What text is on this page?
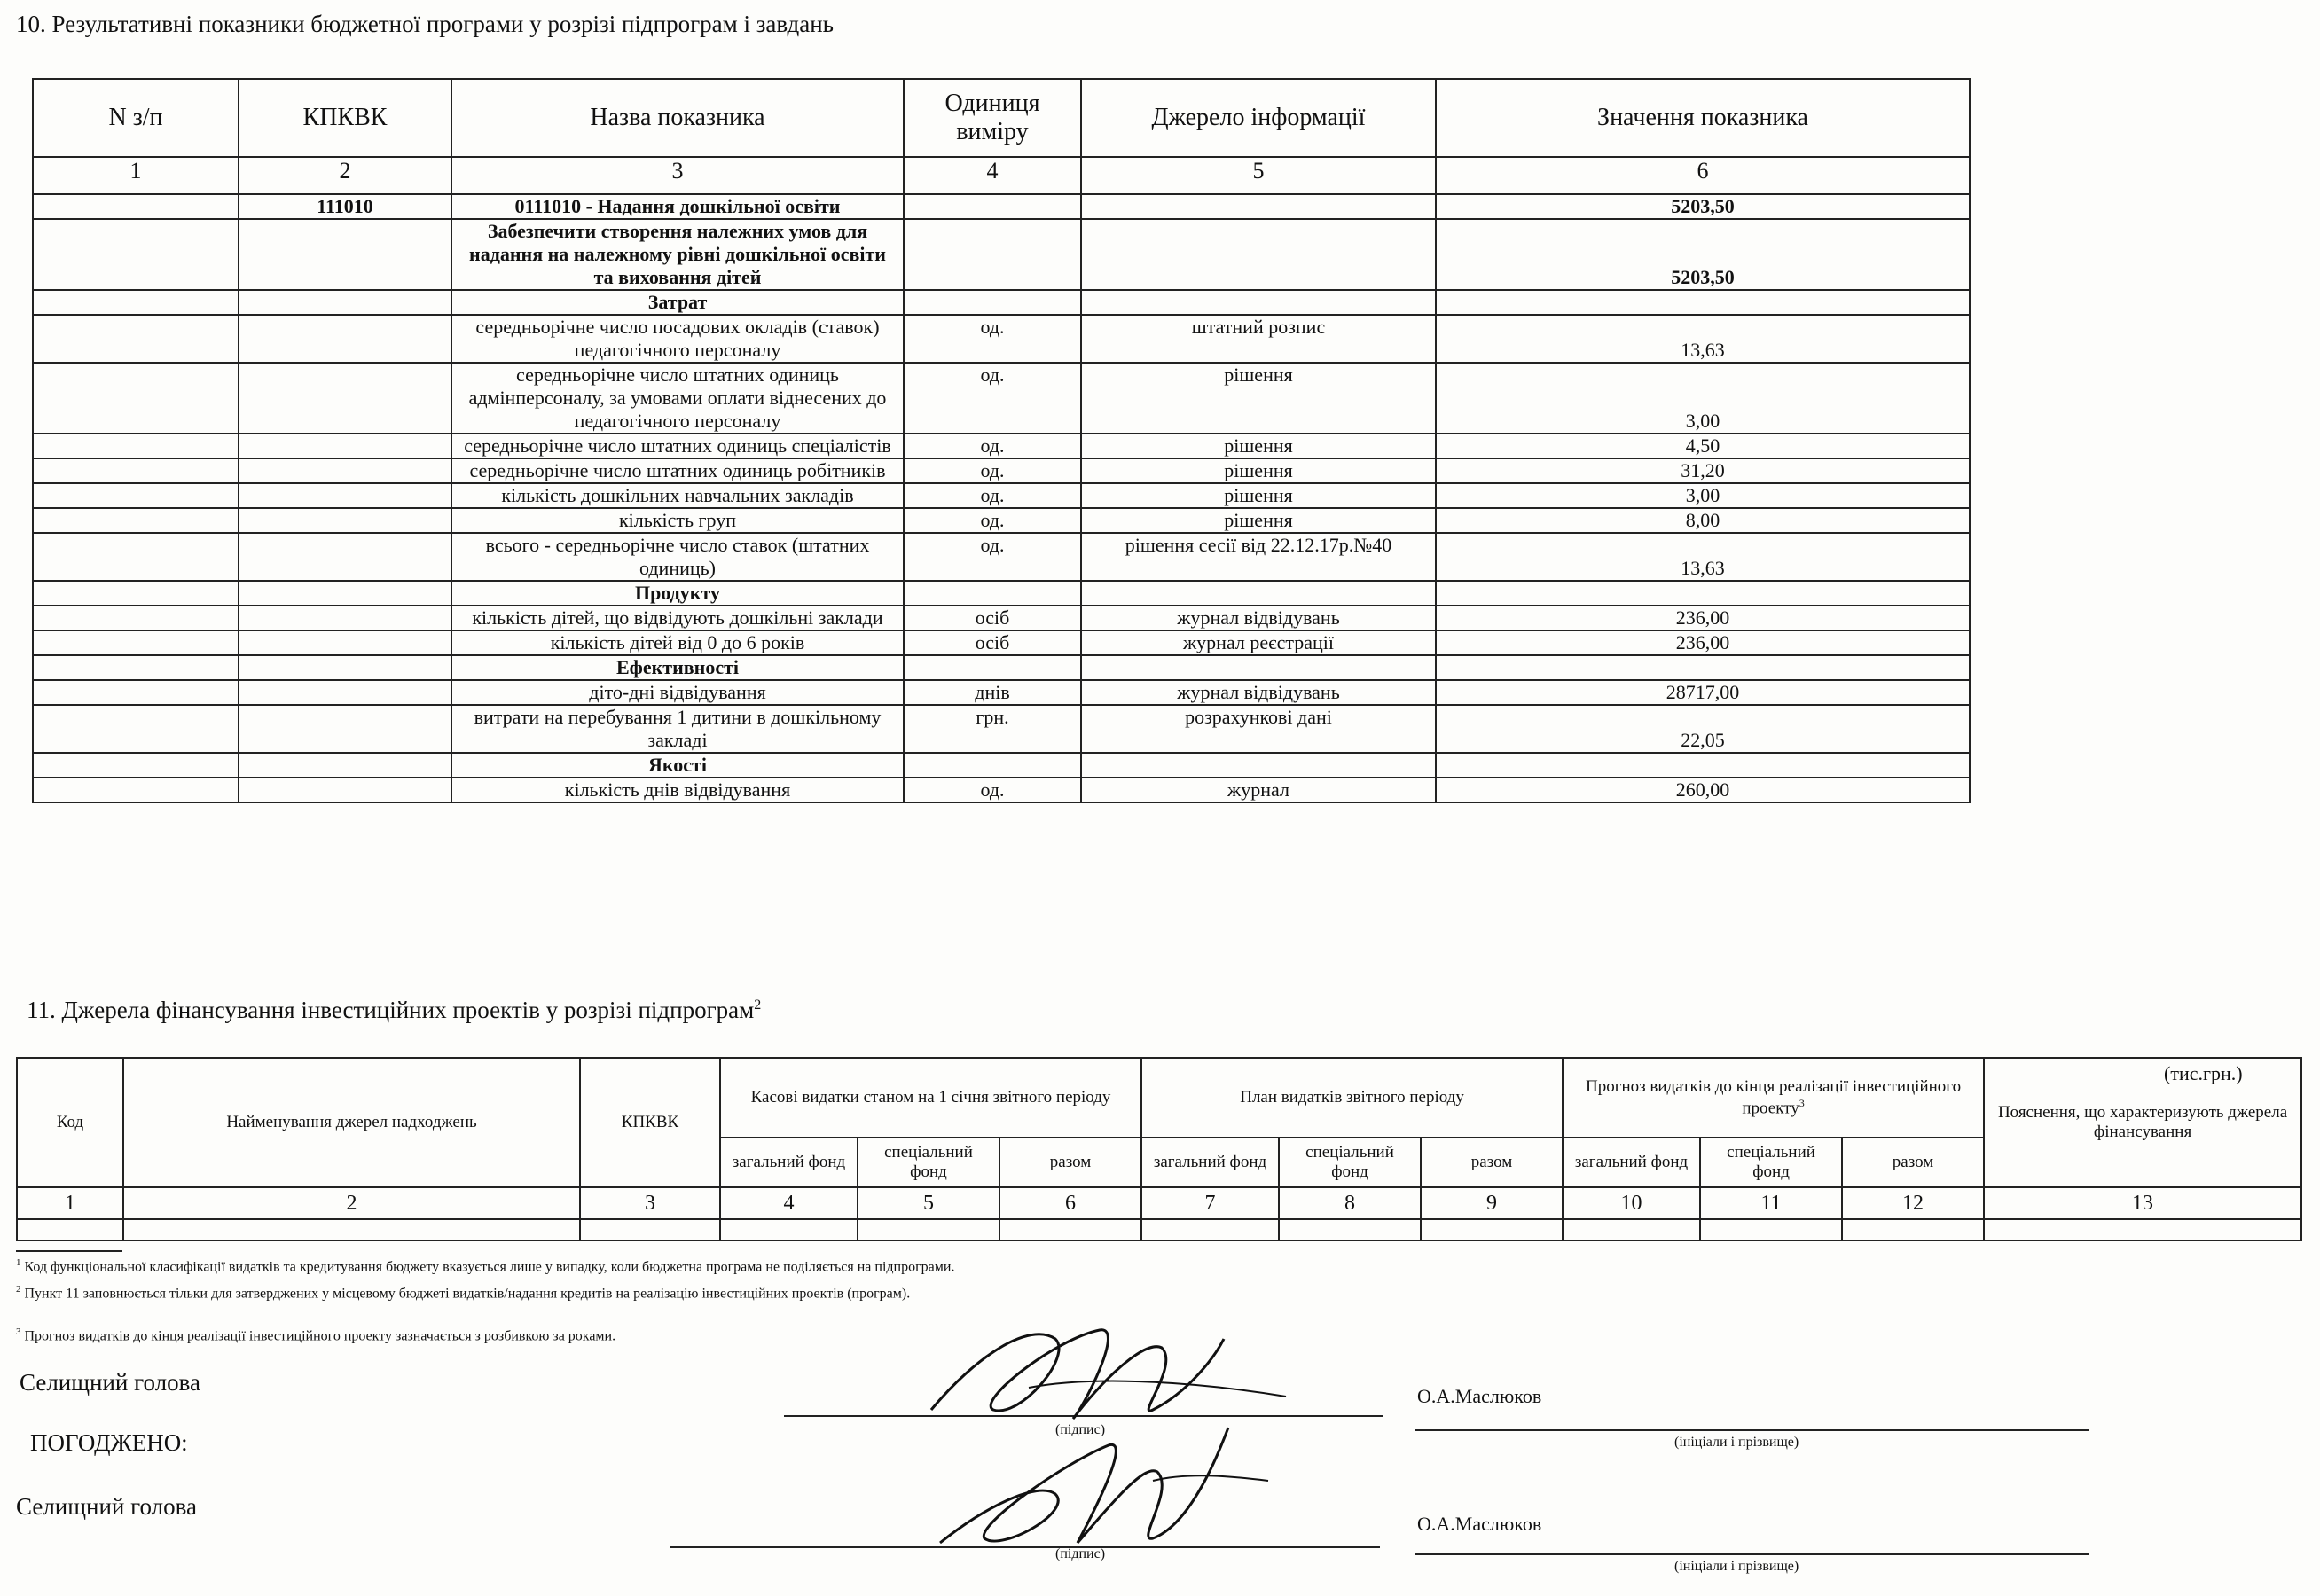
10. Результативні показники бюджетної програми у розрізі підпрограм і завдань
N з/п	КПКВК	Назва показника	Одиниця виміру	Джерело інформації	Значення показника
1	2	3	4	5	6
	111010	0111010 - Надання дошкільної освіти			5203,50
		Забезпечити створення належних умов для надання на належному рівні дошкільної освіти та виховання дітей			5203,50
		Затрат			
		середньорічне число посадових окладів (ставок) педагогічного персоналу	од.	штатний розпис	13,63
		середньорічне число штатних одиниць адмінперсоналу, за умовами оплати віднесених до педагогічного персоналу	од.	рішення	3,00
		середньорічне число штатних одиниць спеціалістів	од.	рішення	4,50
		середньорічне число штатних одиниць робітників	од.	рішення	31,20
		кількість дошкільних навчальних закладів	од.	рішення	3,00
		кількість груп	од.	рішення	8,00
		всього - середньорічне число ставок (штатних одиниць)	од.	рішення сесії від 22.12.17р.№40	13,63
		Продукту			
		кількість дітей, що відвідують дошкільні заклади	осіб	журнал відвідувань	236,00
		кількість дітей від 0 до 6 років	осіб	журнал реєстрації	236,00
		Ефективності			
		діто-дні відвідування	днів	журнал відвідувань	28717,00
		витрати на перебування 1 дитини в дошкільному закладі	грн.	розрахункові дані	22,05
		Якості			
		кількість днів відвідування	од.	журнал	260,00
11. Джерела фінансування інвестиційних проектів у розрізі підпрограм$^2$
(тис.грн.)
Код	Найменування джерел надходжень	КПКВК	Касові видатки станом на 1 січня звітного періоду			План видатків звітного періоду			Прогноз видатків до кінця реалізації інвестиційного проекту$^3$			Пояснення, що характеризують джерела фінансування
			загальний фонд	спеціальний фонд	разом	загальний фонд	спеціальний фонд	разом	загальний фонд	спеціальний фонд	разом	
1	2	3	4	5	6	7	8	9	10	11	12	13

$^1$ Код функціональної класифікації видатків та кредитування бюджету вказується лише у випадку, коли бюджетна програма не поділяється на підпрограми.
$^2$ Пункт 11 заповнюється тільки для затверджених у місцевому бюджеті видатків/надання кредитів на реалізацію інвестиційних проектів (програм).
$^3$ Прогноз видатків до кінця реалізації інвестиційного проекту зазначається з розбивкою за роками.
Селищний голова
(підпис)
О.А.Маслюков
(ініціали і прізвище)
ПОГОДЖЕНО:
Селищний голова
(підпис)
О.А.Маслюков
(ініціали і прізвище)
